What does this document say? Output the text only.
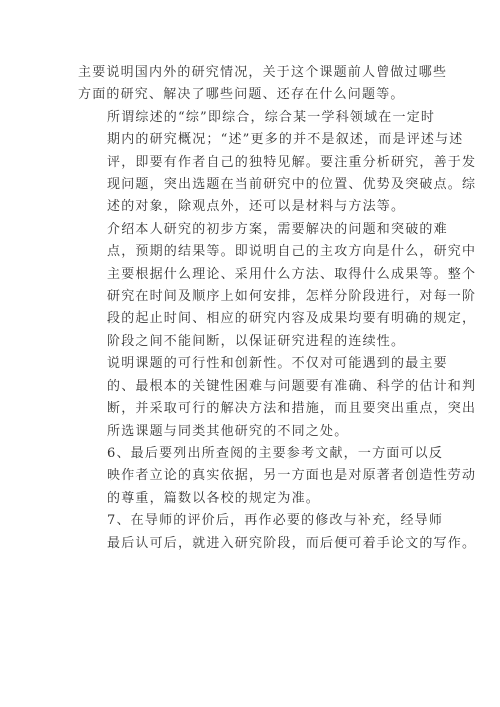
主要说明国内外的研究情况，关于这个课题前人曾做过哪些
方面的研究、解决了哪些问题、还存在什么问题等。

所谓综述的“综”即综合，综合某一学科领域在一定时
期内的研究概况；“述”更多的并不是叙述，而是评述与述
评，即要有作者自己的独特见解。要注重分析研究，善于发
现问题，突出选题在当前研究中的位置、优势及突破点。综
述的对象，除观点外，还可以是材料与方法等。

介绍本人研究的初步方案，需要解决的问题和突破的难
点，预期的结果等。即说明自己的主攻方向是什么，研究中
主要根据什么理论、采用什么方法、取得什么成果等。整个
研究在时间及顺序上如何安排，怎样分阶段进行，对每一阶
段的起止时间、相应的研究内容及成果均要有明确的规定，
阶段之间不能间断，以保证研究进程的连续性。

说明课题的可行性和创新性。不仅对可能遇到的最主要
的、最根本的关键性困难与问题要有准确、科学的估计和判
断，并采取可行的解决方法和措施，而且要突出重点，突出
所选课题与同类其他研究的不同之处。

6、最后要列出所查阅的主要参考文献，一方面可以反
映作者立论的真实依据，另一方面也是对原著者创造性劳动
的尊重，篇数以各校的规定为准。

7、在导师的评价后，再作必要的修改与补充，经导师
最后认可后，就进入研究阶段，而后便可着手论文的写作。
